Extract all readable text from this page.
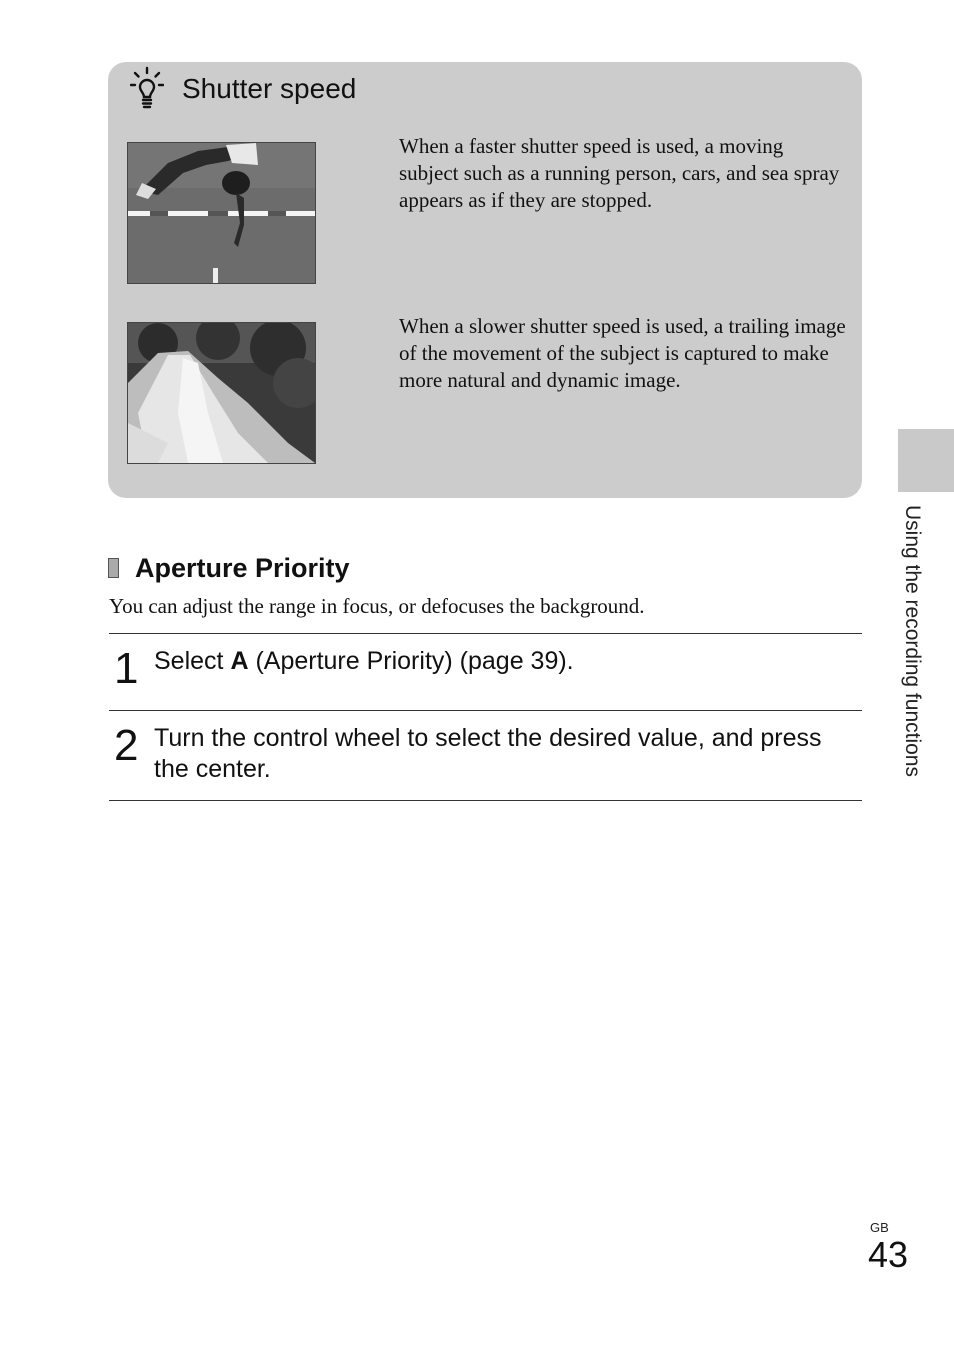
Shutter speed
When a faster shutter speed is used, a moving subject such as a running person, cars, and sea spray appears as if they are stopped.
When a slower shutter speed is used, a trailing image of the movement of the subject is captured to make more natural and dynamic image.
Aperture Priority
You can adjust the range in focus, or defocuses the background.
1 Select A (Aperture Priority) (page 39).
2 Turn the control wheel to select the desired value, and press the center.	Using the recording functions
GB
43
